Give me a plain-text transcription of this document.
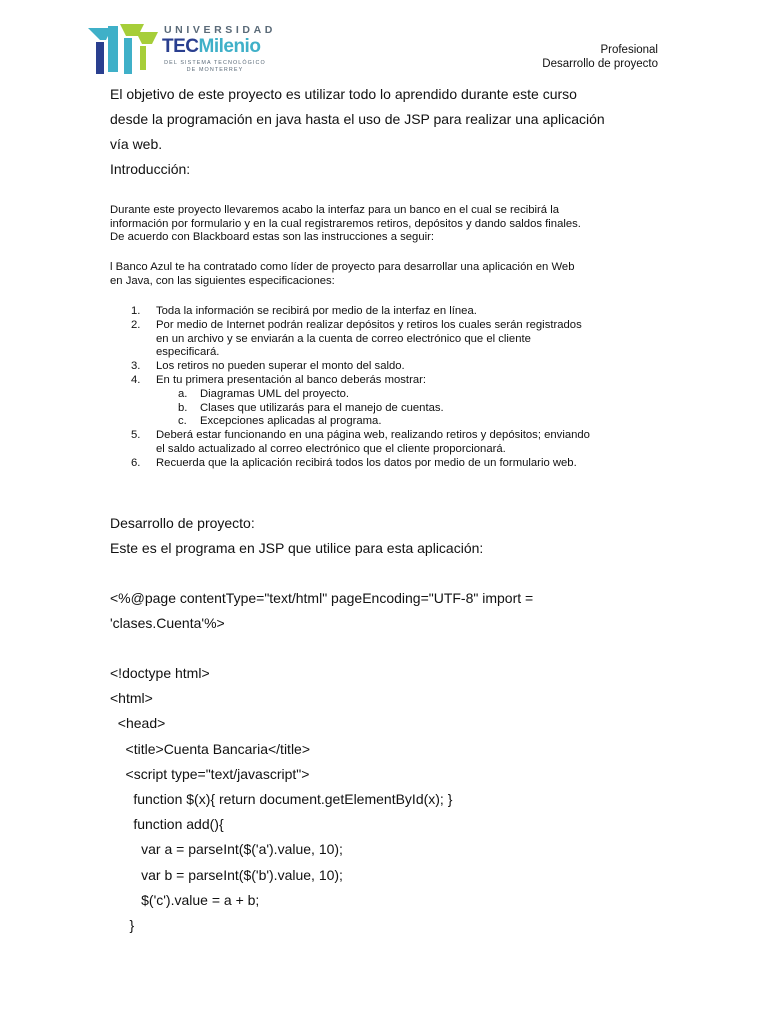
UNIVERSIDAD
TECMilenio
DEL SISTEMA TECNOLÓGICO
DE MONTERREY
Profesional
Desarrollo de proyecto
El objetivo de este proyecto es utilizar todo lo aprendido durante este curso
desde la programación en java hasta el uso de JSP para realizar una aplicación
vía web.
Introducción:
Durante este proyecto llevaremos acabo la interfaz para un banco en el cual se recibirá la
información por formulario y en la cual registraremos retiros, depósitos y dando saldos finales.
De acuerdo con Blackboard estas son las instrucciones a seguir:
l Banco Azul te ha contratado como líder de proyecto para desarrollar una aplicación en Web
en Java, con las siguientes especificaciones:
1.	Toda la información se recibirá por medio de la interfaz en línea.
2.	Por medio de Internet podrán realizar depósitos y retiros los cuales serán registrados
en un archivo y se enviarán a la cuenta de correo electrónico que el cliente
especificará.
3.	Los retiros no pueden superar el monto del saldo.
4.	En tu primera presentación al banco deberás mostrar:
a.	Diagramas UML del proyecto.
b.	Clases que utilizarás para el manejo de cuentas.
c.	Excepciones aplicadas al programa.
5.	Deberá estar funcionando en una página web, realizando retiros y depósitos; enviando
el saldo actualizado al correo electrónico que el cliente proporcionará.
6.	Recuerda que la aplicación recibirá todos los datos por medio de un formulario web.
Desarrollo de proyecto:
Este es el programa en JSP que utilice para esta aplicación:
<%@page contentType="text/html" pageEncoding="UTF-8" import =
'clases.Cuenta'%>
<!doctype html>
<html>
<head>
<title>Cuenta Bancaria</title>
<script type="text/javascript">
function $(x){ return document.getElementById(x); }
function add(){
var a = parseInt($('a').value, 10);
var b = parseInt($('b').value, 10);
$('c').value = a + b;
}
